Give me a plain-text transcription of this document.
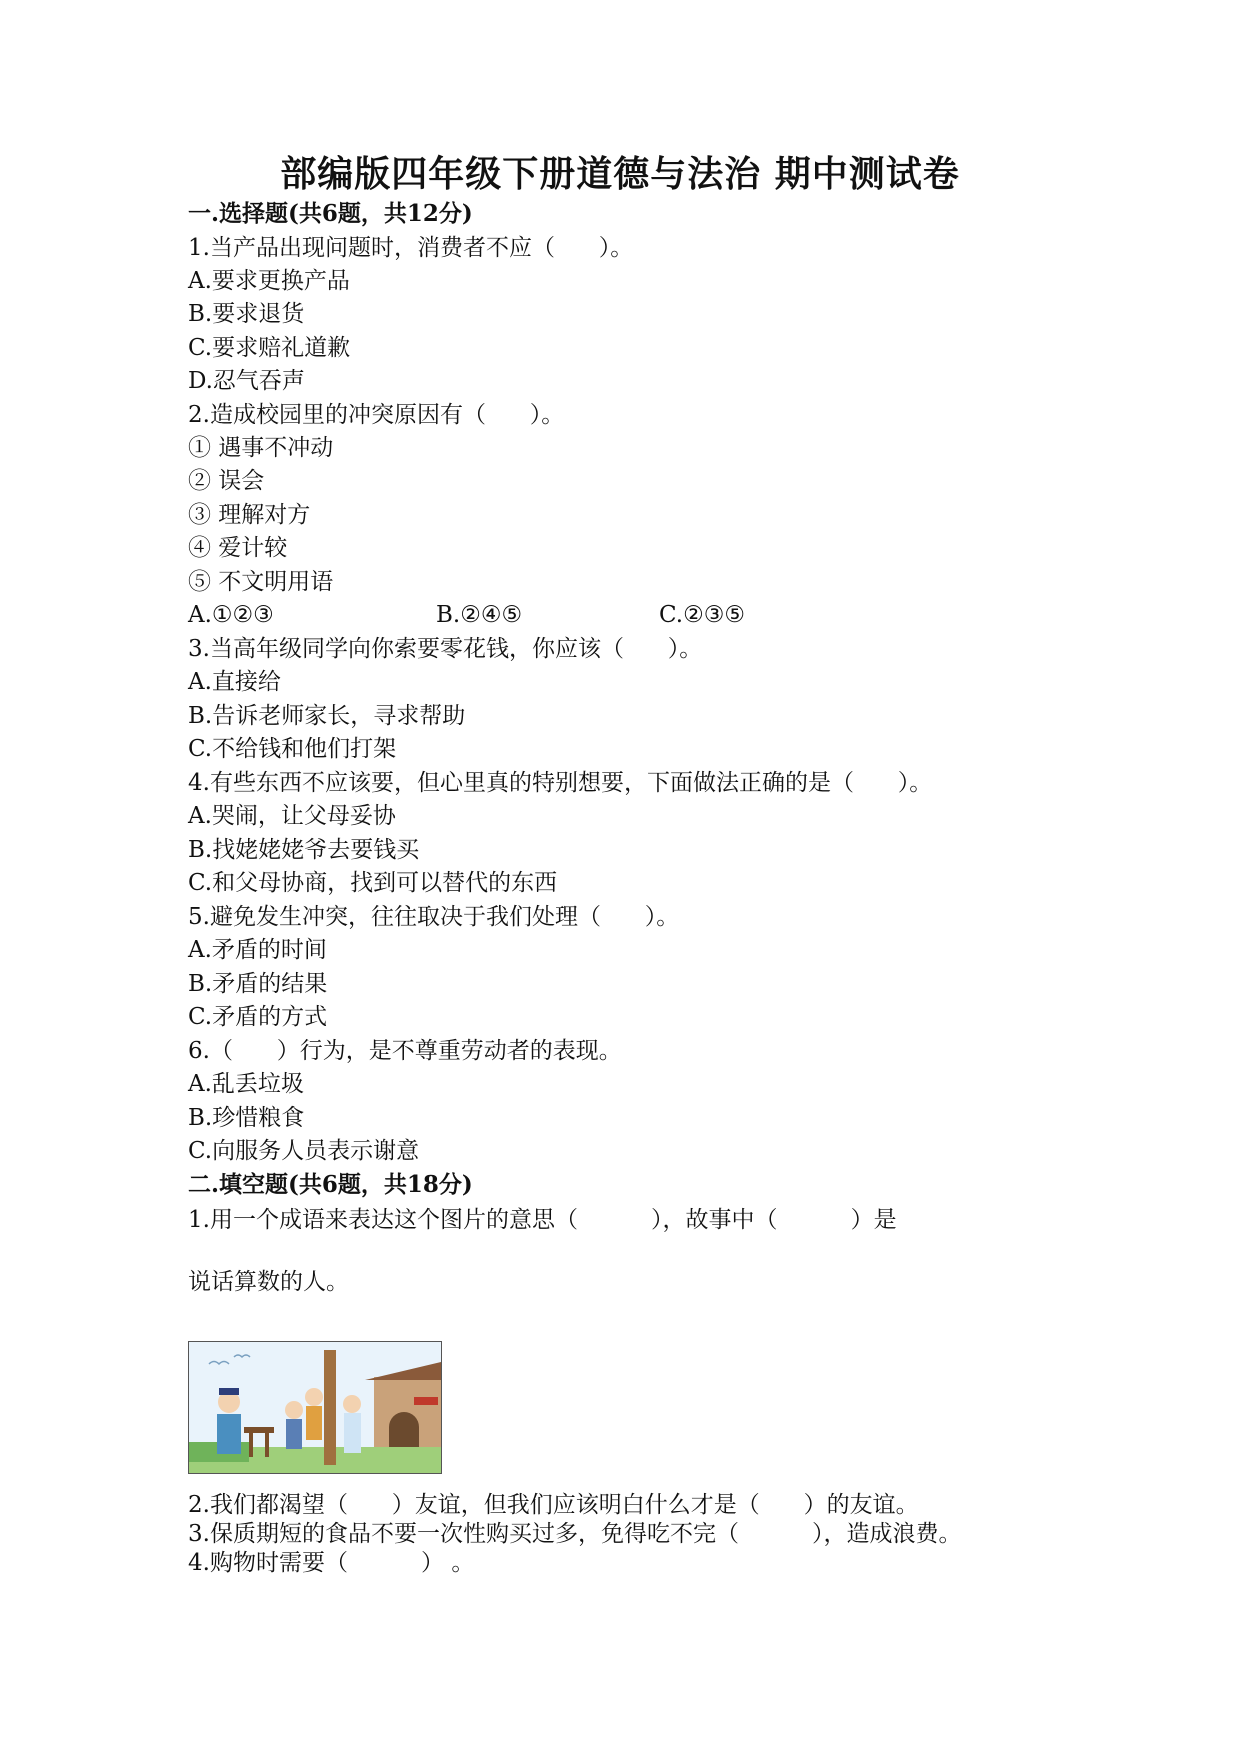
部编版四年级下册道德与法治 期中测试卷
一.选择题(共6题，共12分)
1.当产品出现问题时，消费者不应（      ）。
A.要求更换产品
B.要求退货
C.要求赔礼道歉
D.忍气吞声
2.造成校园里的冲突原因有（      ）。
① 遇事不冲动
② 误会
③ 理解对方
④ 爱计较
⑤ 不文明用语

A.①②③

	B.②④⑤

	C.②③⑤

3.当高年级同学向你索要零花钱，你应该（      ）。
A.直接给
B.告诉老师家长，寻求帮助
C.不给钱和他们打架
4.有些东西不应该要，但心里真的特别想要，下面做法正确的是（      ）。
A.哭闹，让父母妥协
B.找姥姥姥爷去要钱买
C.和父母协商，找到可以替代的东西
5.避免发生冲突，往往取决于我们处理（      ）。
A.矛盾的时间
B.矛盾的结果
C.矛盾的方式
6.（      ）行为，是不尊重劳动者的表现。
A.乱丢垃圾
B.珍惜粮食
C.向服务人员表示谢意
二.填空题(共6题，共18分)
1.用一个成语来表达这个图片的意思（          ），故事中（          ）是
说话算数的人。
2.我们都渴望（      ）友谊，但我们应该明白什么才是（      ）的友谊。
3.保质期短的食品不要一次性购买过多，免得吃不完（          ），造成浪费。
4.购物时需要（          ） 。
